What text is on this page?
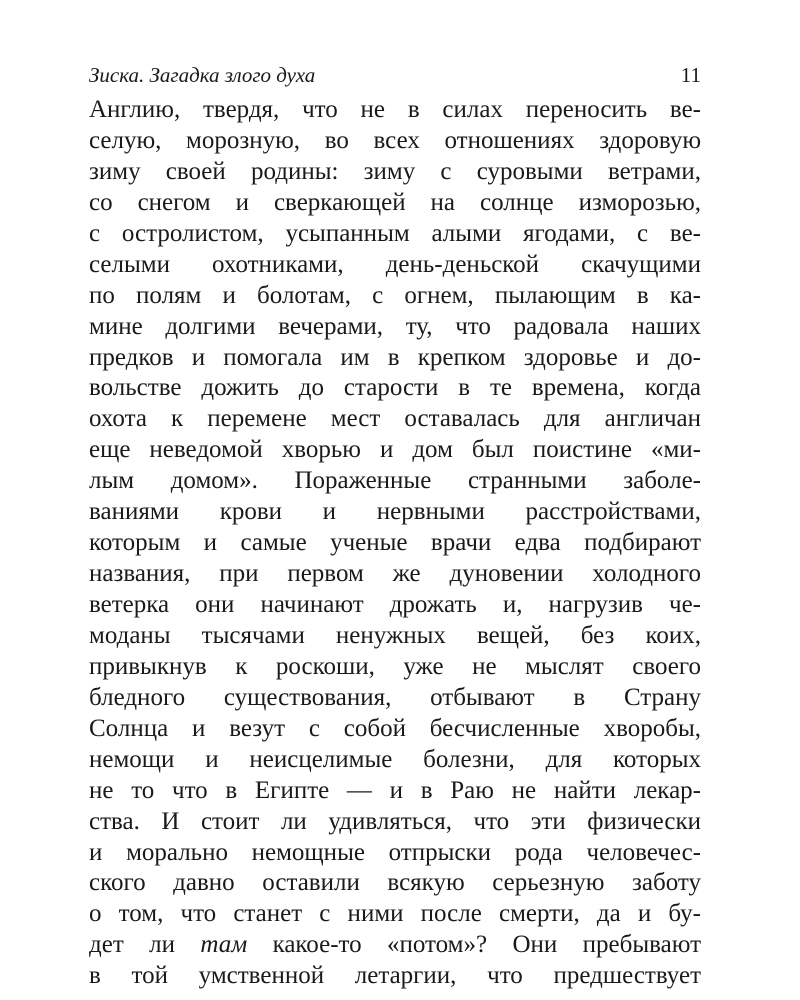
Зиска. Загадка злого духа	11
Англию, твердя, что не в силах переносить ве-
селую, морозную, во всех отношениях здоровую
зиму своей родины: зиму с суровыми ветрами,
со снегом и сверкающей на солнце изморозью,
с остролистом, усыпанным алыми ягодами, с ве-
селыми охотниками, день-деньской скачущими
по полям и болотам, с огнем, пылающим в ка-
мине долгими вечерами, ту, что радовала наших
предков и помогала им в крепком здоровье и до-
вольстве дожить до старости в те времена, когда
охота к перемене мест оставалась для англичан
еще неведомой хворью и дом был поистине «ми-
лым домом». Пораженные странными заболе-
ваниями крови и нервными расстройствами,
которым и самые ученые врачи едва подбирают
названия, при первом же дуновении холодного
ветерка они начинают дрожать и, нагрузив че-
моданы тысячами ненужных вещей, без коих,
привыкнув к роскоши, уже не мыслят своего
бледного существования, отбывают в Страну
Солнца и везут с собой бесчисленные хворобы,
немощи и неисцелимые болезни, для которых
не то что в Египте — и в Раю не найти лекар-
ства. И стоит ли удивляться, что эти физически
и морально немощные отпрыски рода человечес-
ского давно оставили всякую серьезную заботу
о том, что станет с ними после смерти, да и бу-
дет ли там какое-то «потом»? Они пребывают
в той умственной летаргии, что предшествует
